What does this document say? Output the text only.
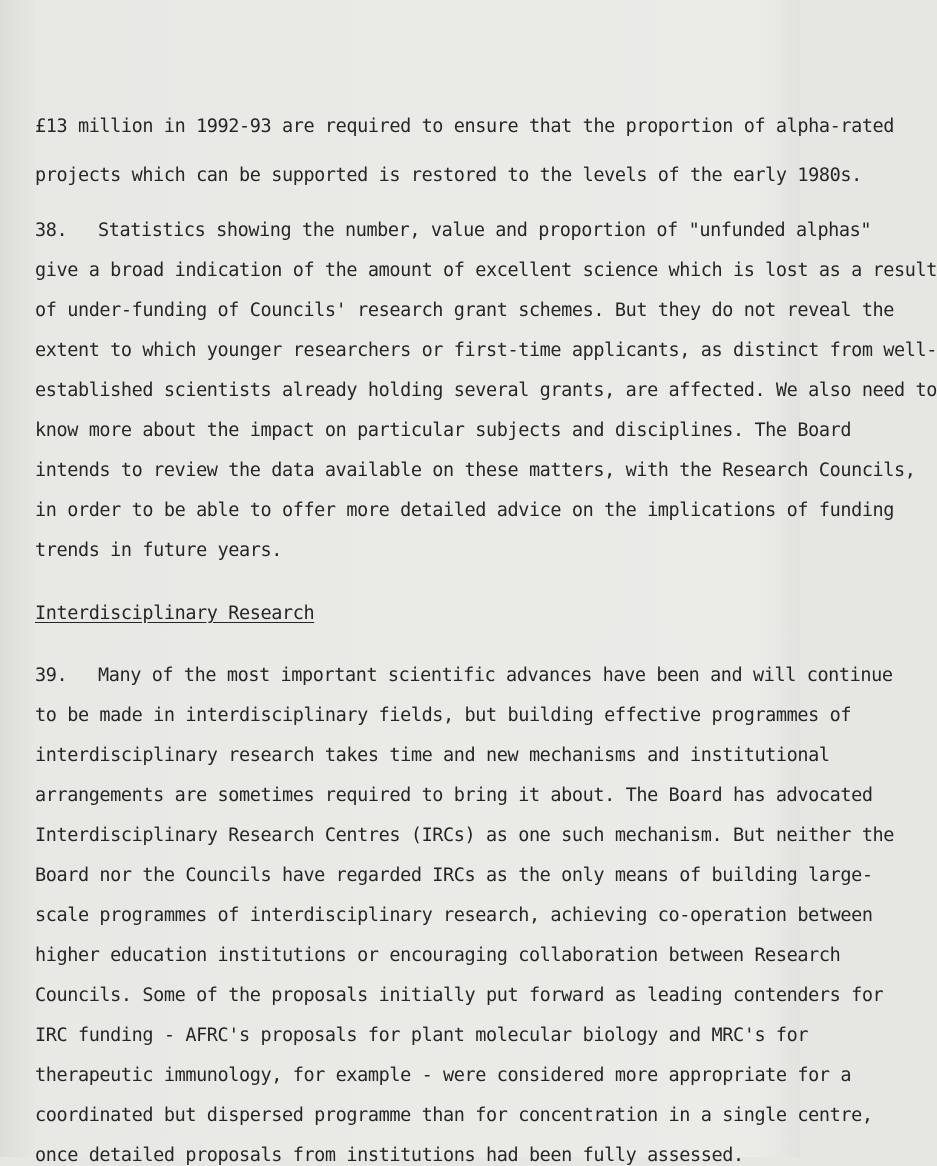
£13 million in 1992-93 are required to ensure that the proportion of alpha-rated
projects which can be supported is restored to the levels of the early 1980s.
38. Statistics showing the number, value and proportion of "unfunded alphas"
give a broad indication of the amount of excellent science which is lost as a result
of under-funding of Councils' research grant schemes. But they do not reveal the
extent to which younger researchers or first-time applicants, as distinct from well-
established scientists already holding several grants, are affected. We also need to
know more about the impact on particular subjects and disciplines. The Board
intends to review the data available on these matters, with the Research Councils,
in order to be able to offer more detailed advice on the implications of funding
trends in future years.
Interdisciplinary Research
39. Many of the most important scientific advances have been and will continue
to be made in interdisciplinary fields, but building effective programmes of
interdisciplinary research takes time and new mechanisms and institutional
arrangements are sometimes required to bring it about. The Board has advocated
Interdisciplinary Research Centres (IRCs) as one such mechanism. But neither the
Board nor the Councils have regarded IRCs as the only means of building large-
scale programmes of interdisciplinary research, achieving co-operation between
higher education institutions or encouraging collaboration between Research
Councils. Some of the proposals initially put forward as leading contenders for
IRC funding - AFRC's proposals for plant molecular biology and MRC's for
therapeutic immunology, for example - were considered more appropriate for a
coordinated but dispersed programme than for concentration in a single centre,
once detailed proposals from institutions had been fully assessed.
